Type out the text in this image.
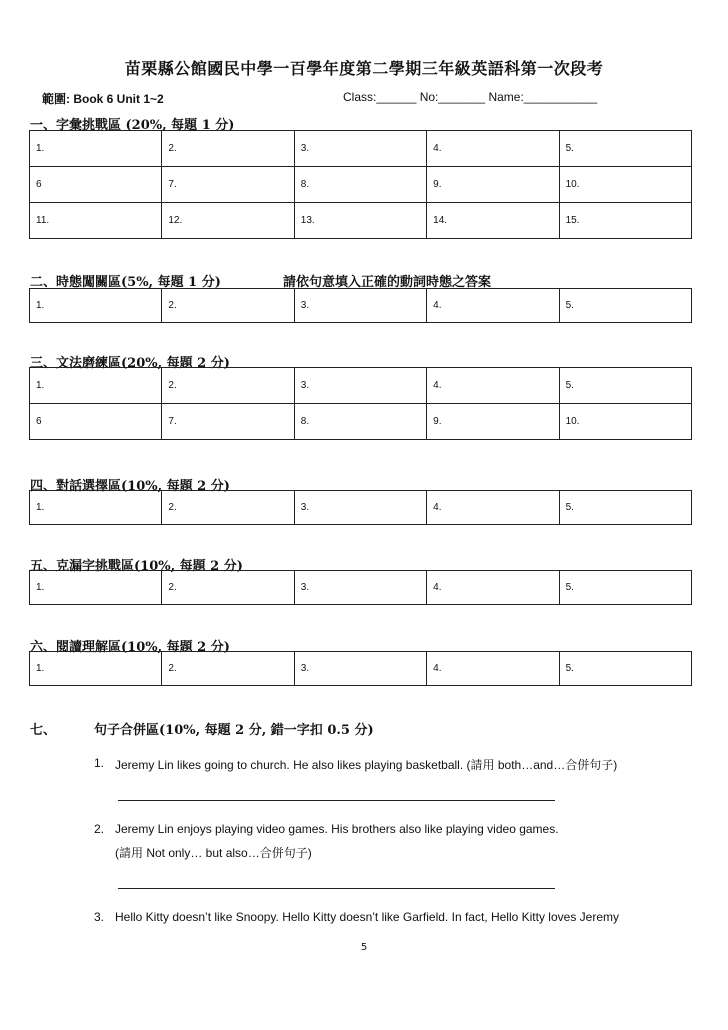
苗栗縣公館國民中學一百學年度第二學期三年級英語科第一次段考
範圍: Book 6 Unit 1~2	Class:______ No:_______ Name:___________
一、字彙挑戰區 (20%, 每題 1 分)
1.	2.	3.	4.	5.
6	7.	8.	9.	10.
11.	12.	13.	14.	15.
二、時態闖關區(5%, 每題 1 分)	請依句意填入正確的動詞時態之答案
1.	2.	3.	4.	5.
三、文法磨練區(20%, 每題 2 分)
1.	2.	3.	4.	5.
6	7.	8.	9.	10.
四、對話選擇區(10%, 每題 2 分)
1.	2.	3.	4.	5.
五、克漏字挑戰區(10%, 每題 2 分)
1.	2.	3.	4.	5.
六、閱讀理解區(10%, 每題 2 分)
1.	2.	3.	4.	5.
七、	句子合併區(10%, 每題 2 分, 錯一字扣 0.5 分)
1. Jeremy Lin likes going to church. He also likes playing basketball. (請用 both…and…合併句子)
2. Jeremy Lin enjoys playing video games. His brothers also like playing video games.
(請用 Not only… but also…合併句子)
3. Hello Kitty doesn’t like Snoopy. Hello Kitty doesn’t like Garfield. In fact, Hello Kitty loves Jeremy
5
